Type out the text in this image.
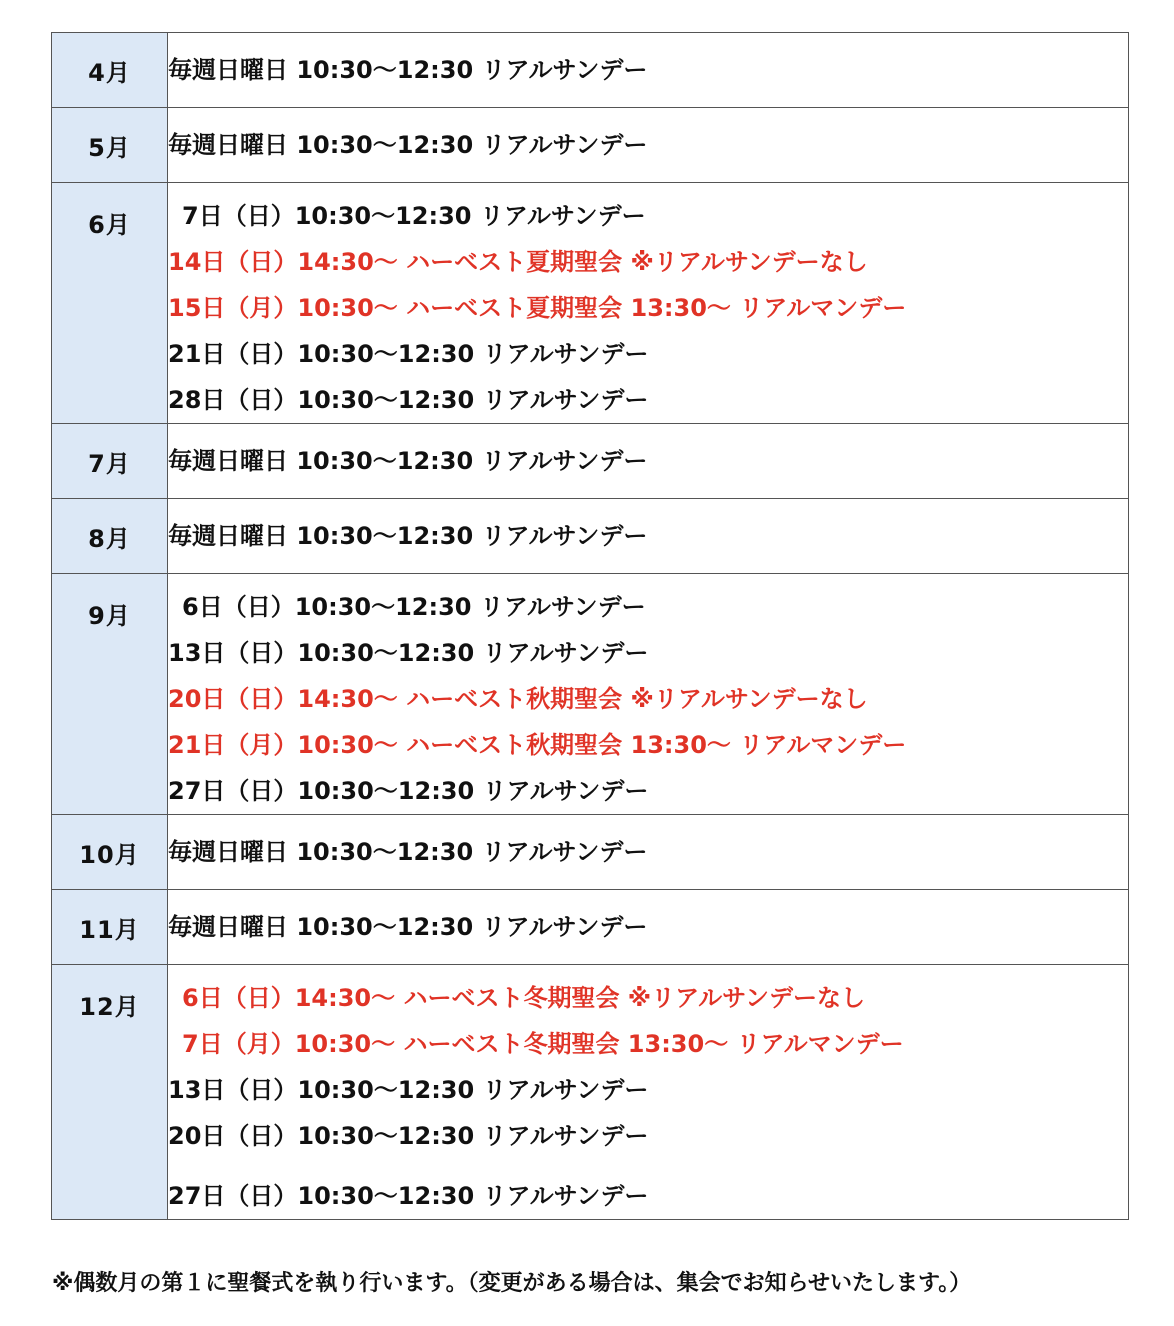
4月	毎週日曜日 10:30〜12:30 リアルサンデー

5月	毎週日曜日 10:30〜12:30 リアルサンデー

6月	7日（日）10:30〜12:30 リアルサンデー
14日（日）14:30〜 ハーベスト夏期聖会 ※リアルサンデーなし
15日（月）10:30〜 ハーベスト夏期聖会 13:30〜 リアルマンデー
21日（日）10:30〜12:30 リアルサンデー
28日（日）10:30〜12:30 リアルサンデー

7月	毎週日曜日 10:30〜12:30 リアルサンデー

8月	毎週日曜日 10:30〜12:30 リアルサンデー

9月	6日（日）10:30〜12:30 リアルサンデー
13日（日）10:30〜12:30 リアルサンデー
20日（日）14:30〜 ハーベスト秋期聖会 ※リアルサンデーなし
21日（月）10:30〜 ハーベスト秋期聖会 13:30〜 リアルマンデー
27日（日）10:30〜12:30 リアルサンデー

10月	毎週日曜日 10:30〜12:30 リアルサンデー

11月	毎週日曜日 10:30〜12:30 リアルサンデー

12月	6日（日）14:30〜 ハーベスト冬期聖会 ※リアルサンデーなし
7日（月）10:30〜 ハーベスト冬期聖会 13:30〜 リアルマンデー
13日（日）10:30〜12:30 リアルサンデー
20日（日）10:30〜12:30 リアルサンデー
27日（日）10:30〜12:30 リアルサンデー
※偶数月の第１に聖餐式を執り行います。（変更がある場合は、集会でお知らせいたします。）
